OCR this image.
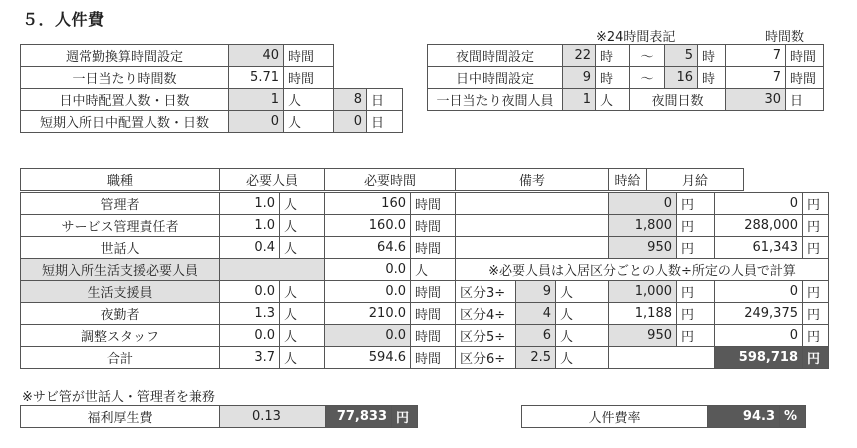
５．人件費
※24時間表記	時間数
週常勤換算時間設定	40	時間		
一日当たり時間数	5.71	時間		
日中時配置人数・日数	1	人	8	日
短期入所日中配置人数・日数	0	人	0	日
夜間時間設定	22	時	～	5	時	7	時間
日中時間設定	9	時	～	16	時	7	時間
一日当たり夜間人員	1	人	夜間日数			30	日
職種	必要人員	必要時間	備考	時給	月給
管理者	1.0	人	160	時間				0	円	0	円
サービス管理責任者	1.0	人	160.0	時間				1,800	円	288,000	円
世話人	0.4	人	64.6	時間				950	円	61,343	円
短期入所生活支援必要人員			0.0	人	※必要人員は入居区分ごとの人数÷所定の人員で計算						
生活支援員	0.0	人	0.0	時間	区分3÷	9	人	1,000	円	0	円
夜勤者	1.3	人	210.0	時間	区分4÷	4	人	1,188	円	249,375	円
調整スタッフ	0.0	人	0.0	時間	区分5÷	6	人	950	円	0	円
合計	3.7	人	594.6	時間	区分6÷	2.5	人			598,718	円
※サビ管が世話人・管理者を兼務
福利厚生費	0.13	77,833	円	人件費率	94.3	%
